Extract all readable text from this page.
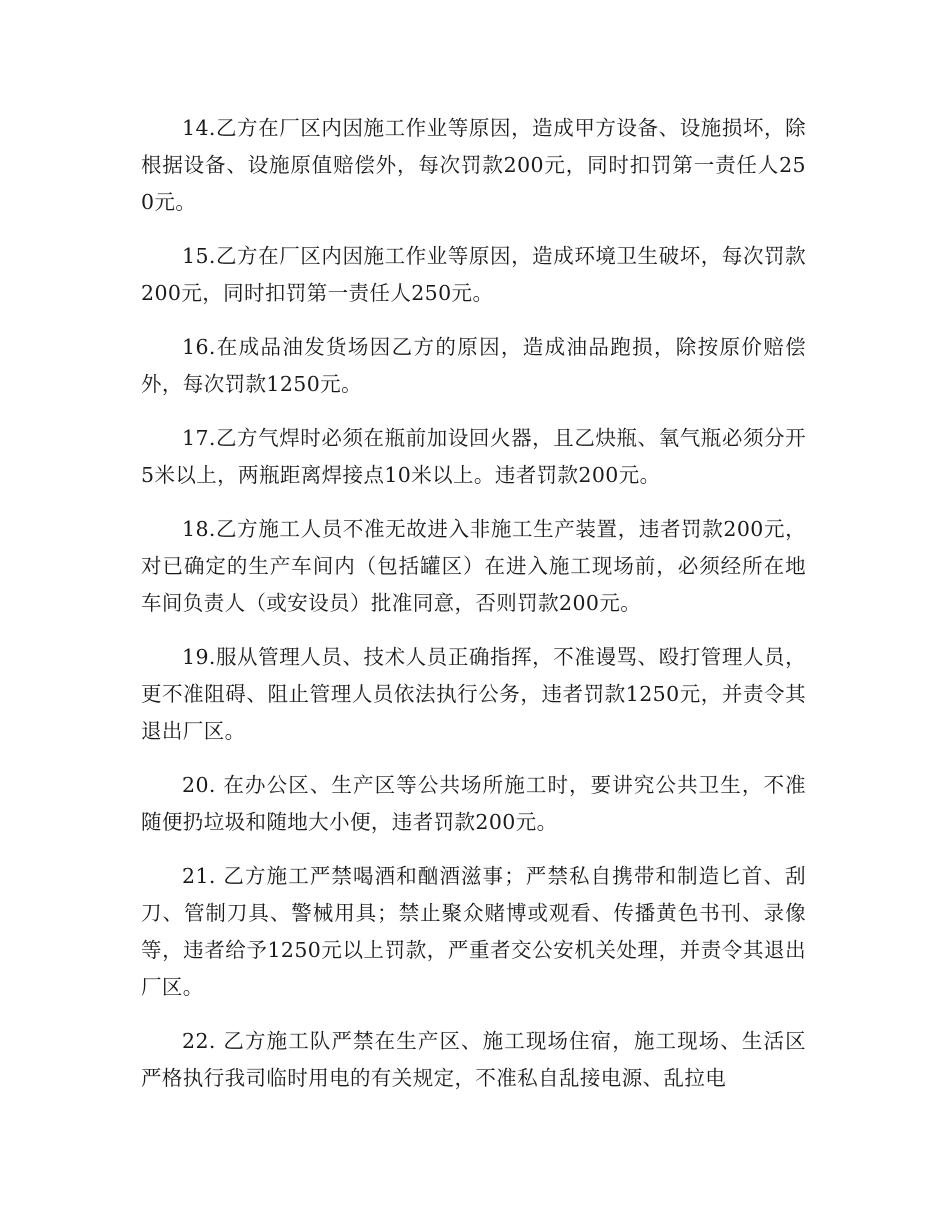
14.乙方在厂区内因施工作业等原因，造成甲方设备、设施损坏，除根据设备、设施原值赔偿外，每次罚款200元，同时扣罚第一责任人250元。

15.乙方在厂区内因施工作业等原因，造成环境卫生破坏，每次罚款200元，同时扣罚第一责任人250元。

16.在成品油发货场因乙方的原因，造成油品跑损，除按原价赔偿外，每次罚款1250元。

17.乙方气焊时必须在瓶前加设回火器，且乙炔瓶、氧气瓶必须分开5米以上，两瓶距离焊接点10米以上。违者罚款200元。

18.乙方施工人员不准无故进入非施工生产装置，违者罚款200元，对已确定的生产车间内（包括罐区）在进入施工现场前，必须经所在地车间负责人（或安设员）批准同意，否则罚款200元。

19.服从管理人员、技术人员正确指挥，不准谩骂、殴打管理人员，更不准阻碍、阻止管理人员依法执行公务，违者罚款1250元，并责令其退出厂区。

20. 在办公区、生产区等公共场所施工时，要讲究公共卫生，不准随便扔垃圾和随地大小便，违者罚款200元。

21. 乙方施工严禁喝酒和酗酒滋事；严禁私自携带和制造匕首、刮刀、管制刀具、警械用具；禁止聚众赌博或观看、传播黄色书刊、录像等，违者给予1250元以上罚款，严重者交公安机关处理，并责令其退出厂区。

22. 乙方施工队严禁在生产区、施工现场住宿，施工现场、生活区严格执行我司临时用电的有关规定，不准私自乱接电源、乱拉电
